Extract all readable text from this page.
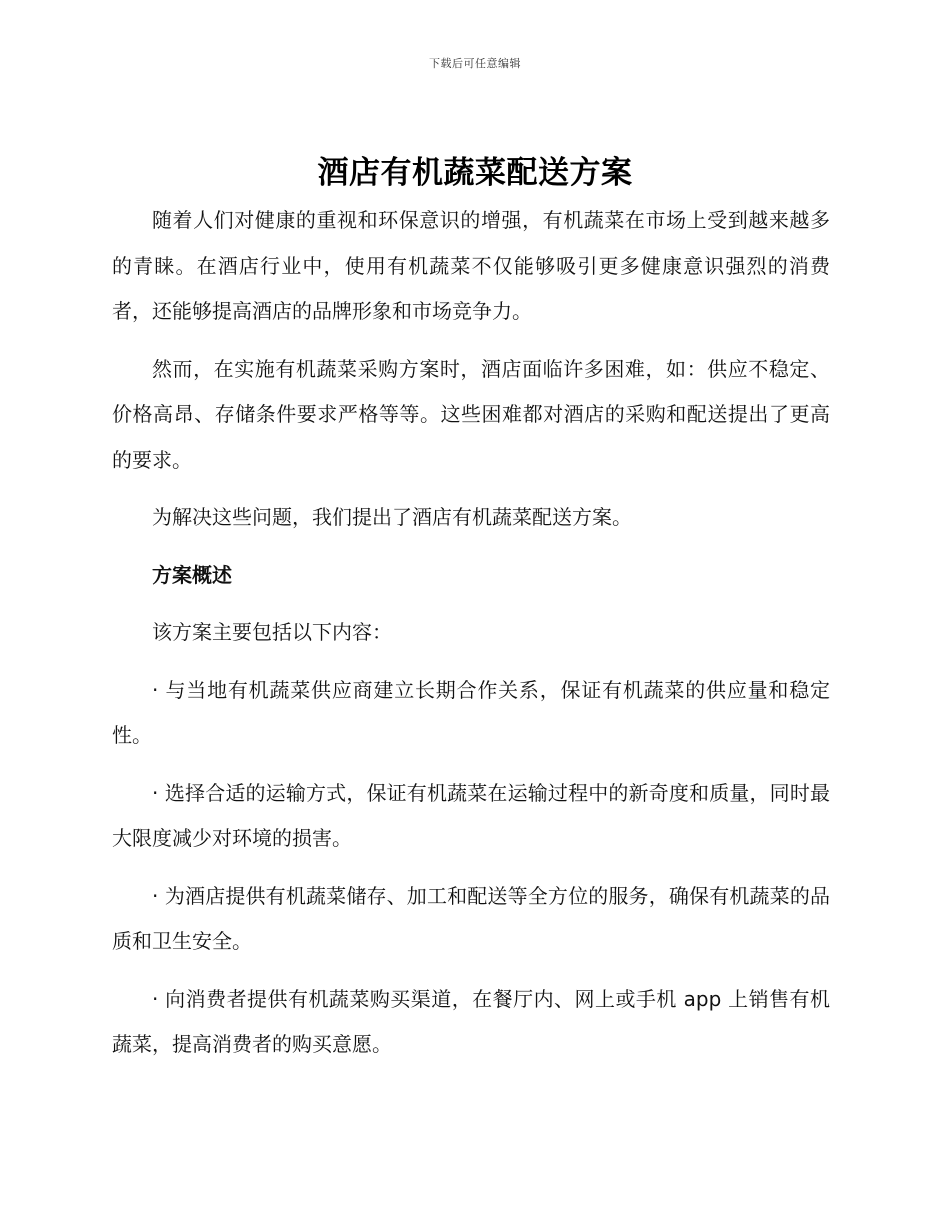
下载后可任意编辑
酒店有机蔬菜配送方案

随着人们对健康的重视和环保意识的增强，有机蔬菜在市场上受到越来越多的青睐。在酒店行业中，使用有机蔬菜不仅能够吸引更多健康意识强烈的消费者，还能够提高酒店的品牌形象和市场竞争力。

然而，在实施有机蔬菜采购方案时，酒店面临许多困难，如：供应不稳定、价格高昂、存储条件要求严格等等。这些困难都对酒店的采购和配送提出了更高的要求。

为解决这些问题，我们提出了酒店有机蔬菜配送方案。

方案概述

该方案主要包括以下内容：

· 与当地有机蔬菜供应商建立长期合作关系，保证有机蔬菜的供应量和稳定性。

· 选择合适的运输方式，保证有机蔬菜在运输过程中的新奇度和质量，同时最大限度减少对环境的损害。

· 为酒店提供有机蔬菜储存、加工和配送等全方位的服务，确保有机蔬菜的品质和卫生安全。

· 向消费者提供有机蔬菜购买渠道，在餐厅内、网上或手机 app 上销售有机蔬菜，提高消费者的购买意愿。
